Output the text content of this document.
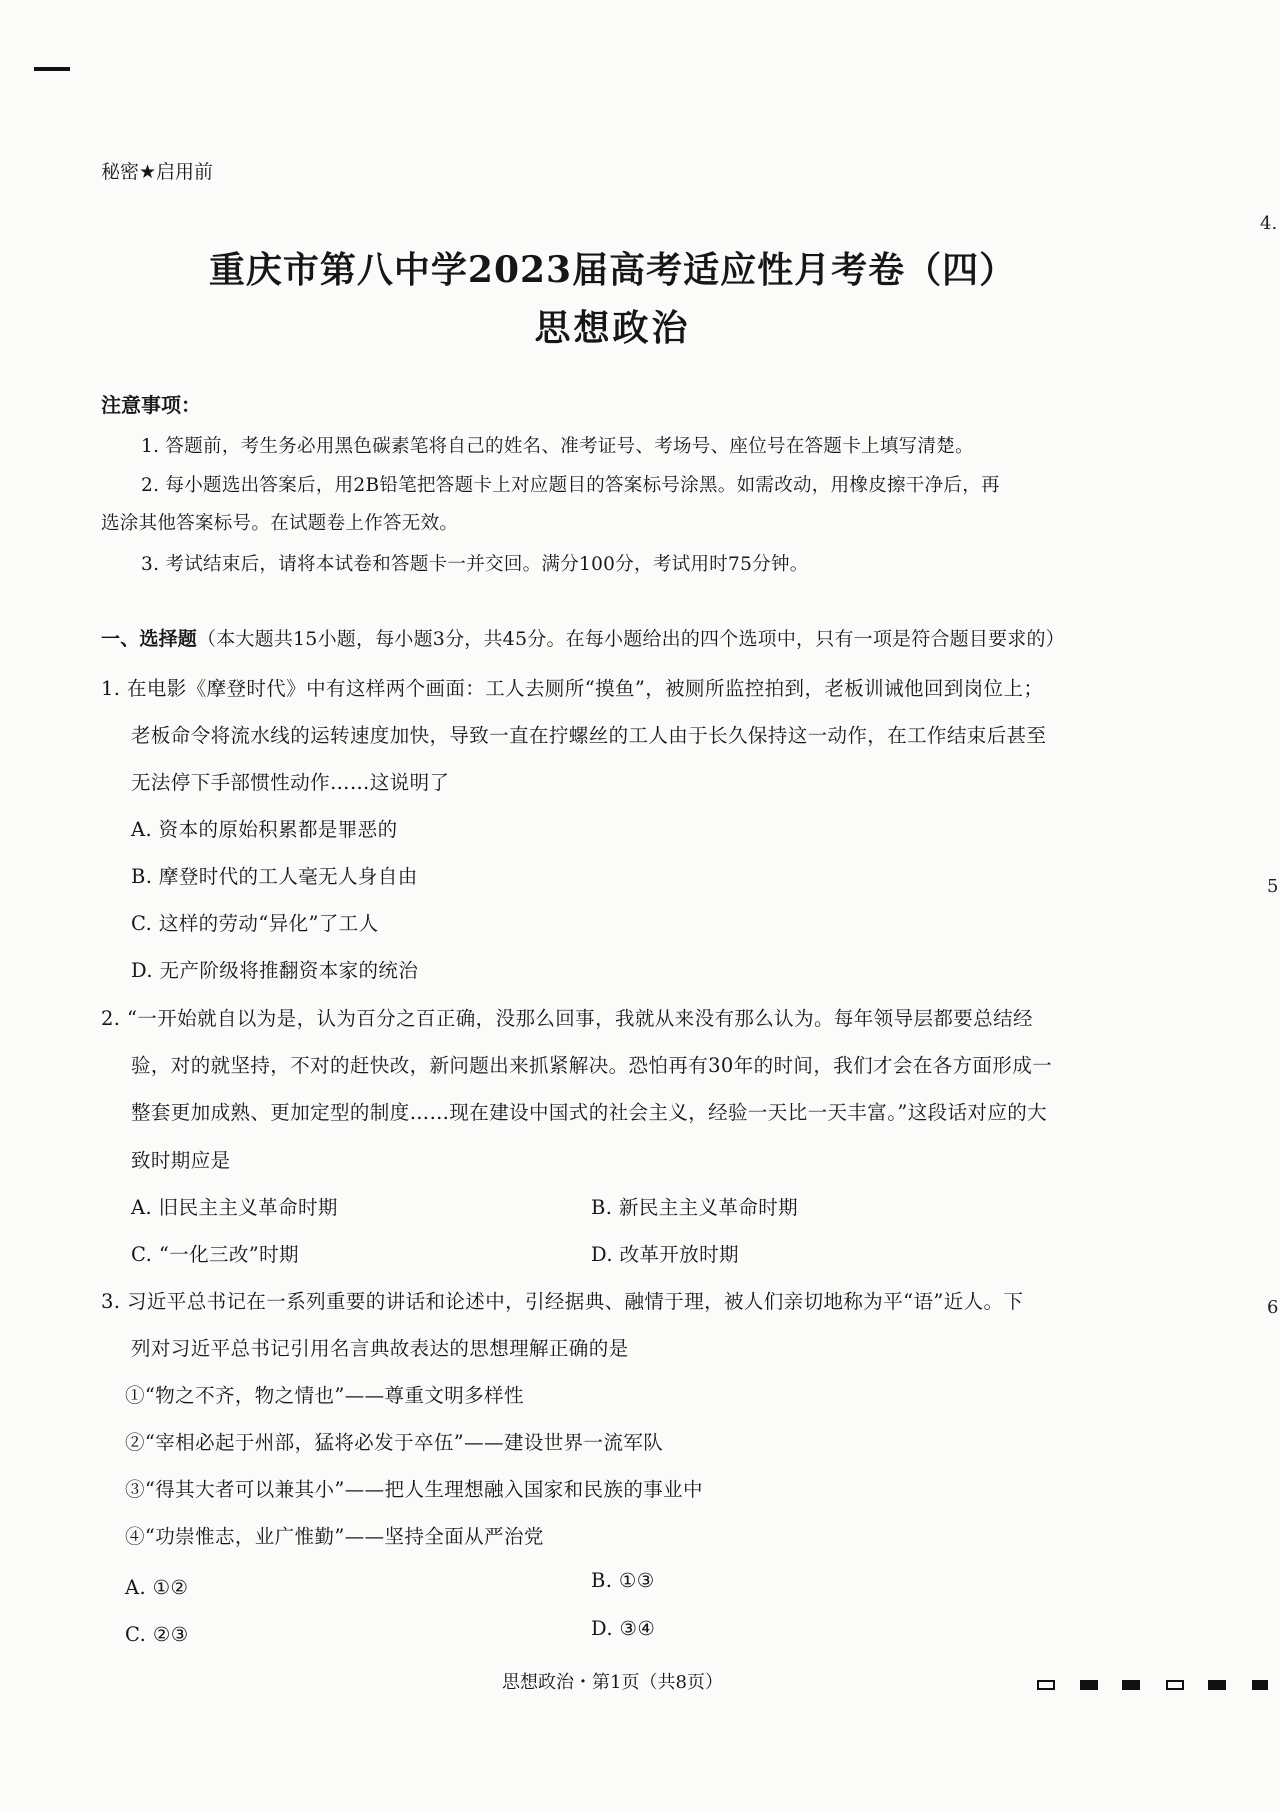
秘密★启用前
重庆市第八中学2023届高考适应性月考卷（四）
思想政治
注意事项：
1. 答题前，考生务必用黑色碳素笔将自己的姓名、准考证号、考场号、座位号在答题卡上填写清楚。
2. 每小题选出答案后，用2B铅笔把答题卡上对应题目的答案标号涂黑。如需改动，用橡皮擦干净后，再
选涂其他答案标号。在试题卷上作答无效。
3. 考试结束后，请将本试卷和答题卡一并交回。满分100分，考试用时75分钟。
一、选择题（本大题共15小题，每小题3分，共45分。在每小题给出的四个选项中，只有一项是符合题目要求的）
1. 在电影《摩登时代》中有这样两个画面：工人去厕所“摸鱼”，被厕所监控拍到，老板训诫他回到岗位上；
老板命令将流水线的运转速度加快，导致一直在拧螺丝的工人由于长久保持这一动作，在工作结束后甚至
无法停下手部惯性动作……这说明了
A. 资本的原始积累都是罪恶的
B. 摩登时代的工人毫无人身自由
C. 这样的劳动“异化”了工人
D. 无产阶级将推翻资本家的统治
2. “一开始就自以为是，认为百分之百正确，没那么回事，我就从来没有那么认为。每年领导层都要总结经
验，对的就坚持，不对的赶快改，新问题出来抓紧解决。恐怕再有30年的时间，我们才会在各方面形成一
整套更加成熟、更加定型的制度……现在建设中国式的社会主义，经验一天比一天丰富。”这段话对应的大
致时期应是
A. 旧民主主义革命时期	B. 新民主主义革命时期
C. “一化三改”时期	D. 改革开放时期
3. 习近平总书记在一系列重要的讲话和论述中，引经据典、融情于理，被人们亲切地称为平“语”近人。下
列对习近平总书记引用名言典故表达的思想理解正确的是
①“物之不齐，物之情也”——尊重文明多样性
②“宰相必起于州部，猛将必发于卒伍”——建设世界一流军队
③“得其大者可以兼其小”——把人生理想融入国家和民族的事业中
④“功崇惟志，业广惟勤”——坚持全面从严治党
A. ①②	B. ①③
C. ②③	D. ③④
4.
5
6
思想政治・第1页（共8页）
